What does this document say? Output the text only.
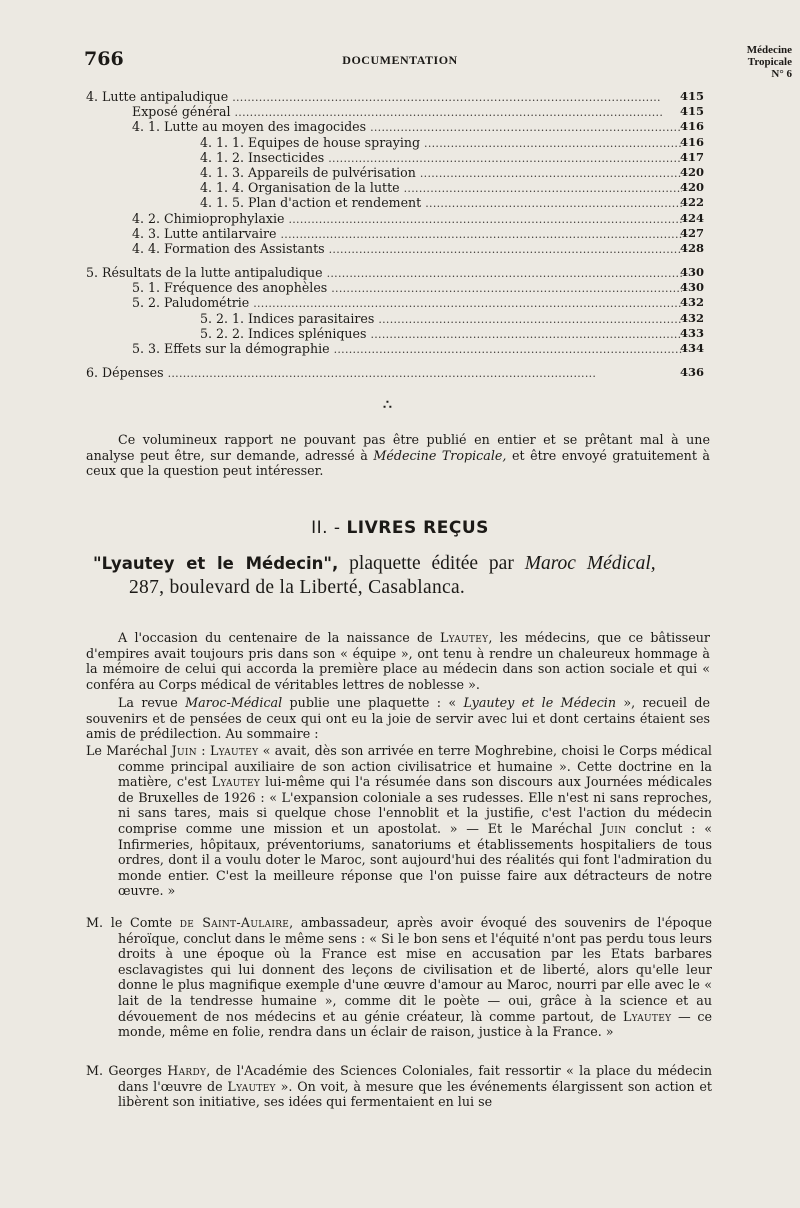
766	DOCUMENTATION
Médecine
Tropicale
N° 6
4. Lutte antipaludique . . .	415
Exposé général . . .	415
4. 1. Lutte au moyen des imagocides . . .	416
4. 1. 1. Equipes de house spraying . . .	416
4. 1. 2. Insecticides . . .	417
4. 1. 3. Appareils de pulvérisation . . .	420
4. 1. 4. Organisation de la lutte . . .	420
4. 1. 5. Plan d'action et rendement . . .	422
4. 2. Chimioprophylaxie . . .	424
4. 3. Lutte antilarvaire . . .	427
4. 4. Formation des Assistants . . .	428
5. Résultats de la lutte antipaludique . . .	430
5. 1. Fréquence des anophèles . . .	430
5. 2. Paludométrie . . .	432
5. 2. 1. Indices parasitaires . . .	432
5. 2. 2. Indices spléniques . . .	433
5. 3. Effets sur la démographie . . .	434
6. Dépenses . . .	436
∴
Ce volumineux rapport ne pouvant pas être publié en entier et se prêtant mal à une analyse peut être, sur demande, adressé à Médecine Tropicale, et être envoyé gratuitement à ceux que la question peut intéresser.
II. - LIVRES REÇUS
"Lyautey et le Médecin", plaquette éditée par Maroc Médical,
287, boulevard de la Liberté, Casablanca.
A l'occasion du centenaire de la naissance de Lyautey, les médecins, que ce bâtisseur d'empires avait toujours pris dans son « équipe », ont tenu à rendre un chaleureux hommage à la mémoire de celui qui accorda la première place au médecin dans son action sociale et qui « conféra au Corps médical de véritables lettres de noblesse ».
La revue Maroc-Médical publie une plaquette : « Lyautey et le Médecin », recueil de souvenirs et de pensées de ceux qui ont eu la joie de servir avec lui et dont certains étaient ses amis de prédilection. Au sommaire :
Le Maréchal Juin : Lyautey « avait, dès son arrivée en terre Moghrebine, choisi le Corps médical comme principal auxiliaire de son action civilisatrice et humaine ». Cette doctrine en la matière, c'est Lyautey lui-même qui l'a résumée dans son discours aux Journées médicales de Bruxelles de 1926 : « L'expansion coloniale a ses rudesses. Elle n'est ni sans reproches, ni sans tares, mais si quelque chose l'ennoblit et la justifie, c'est l'action du médecin comprise comme une mission et un apostolat. » — Et le Maréchal Juin conclut : « Infirmeries, hôpitaux, préventoriums, sanatoriums et établissements hospitaliers de tous ordres, dont il a voulu doter le Maroc, sont aujourd'hui des réalités qui font l'admiration du monde entier. C'est la meilleure réponse que l'on puisse faire aux détracteurs de notre œuvre. »
M. le Comte de Saint-Aulaire, ambassadeur, après avoir évoqué des souvenirs de l'époque héroïque, conclut dans le même sens : « Si le bon sens et l'équité n'ont pas perdu tous leurs droits à une époque où la France est mise en accusation par les Etats barbares esclavagistes qui lui donnent des leçons de civilisation et de liberté, alors qu'elle leur donne le plus magnifique exemple d'une œuvre d'amour au Maroc, nourri par elle avec le « lait de la tendresse humaine », comme dit le poète — oui, grâce à la science et au dévouement de nos médecins et au génie créateur, là comme partout, de Lyautey — ce monde, même en folie, rendra dans un éclair de raison, justice à la France. »
M. Georges Hardy, de l'Académie des Sciences Coloniales, fait ressortir « la place du médecin dans l'œuvre de Lyautey ». On voit, à mesure que les événements élargissent son action et libèrent son initiative, ses idées qui fermentaient en lui se
